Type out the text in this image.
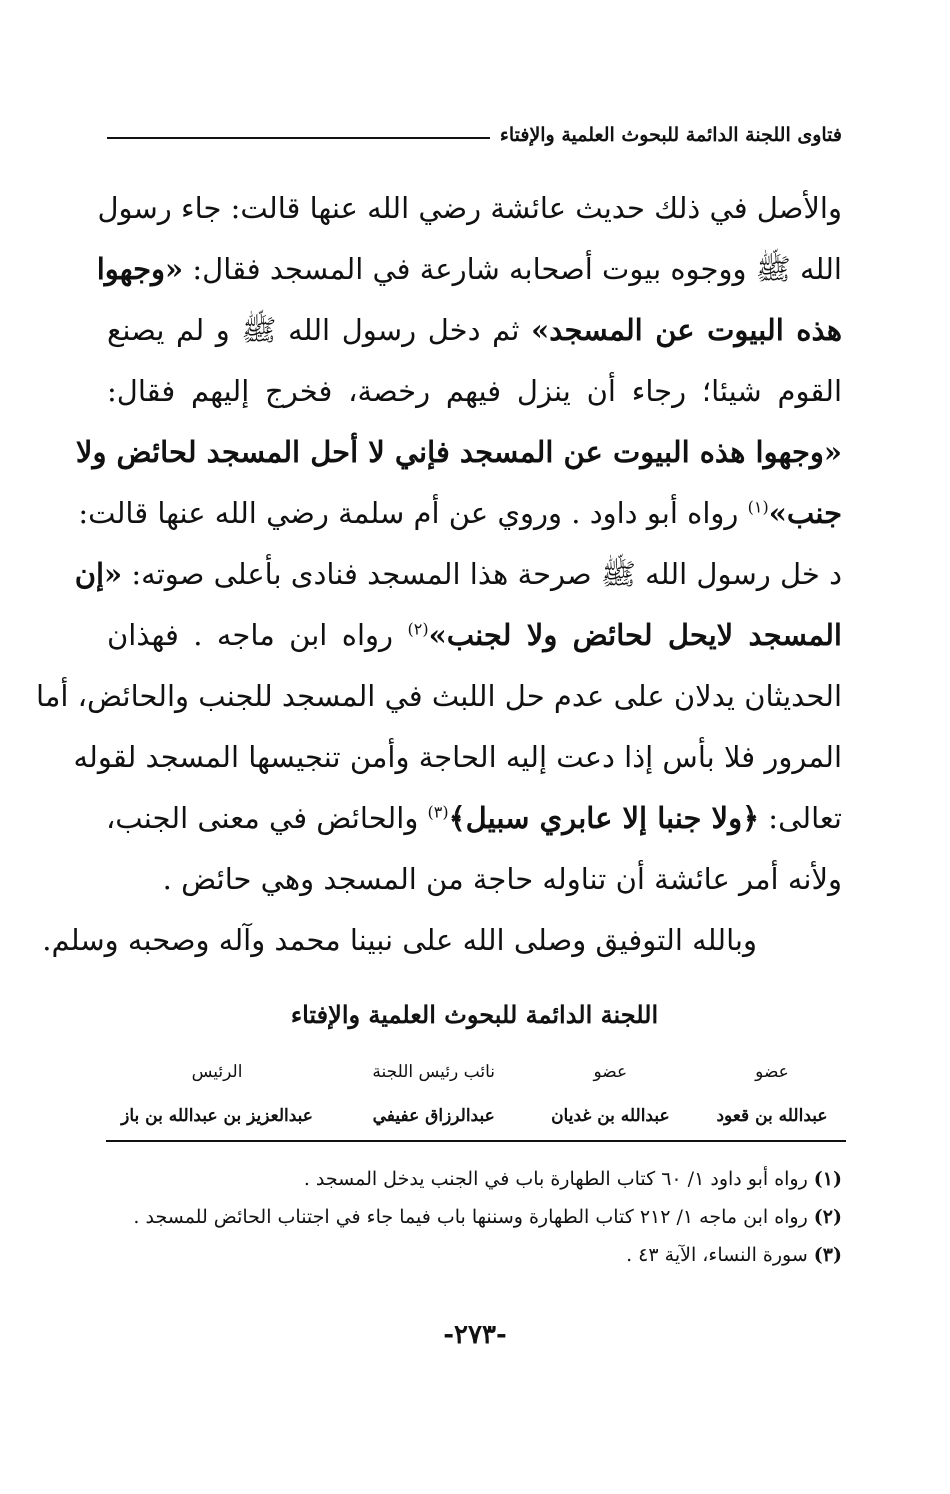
فتاوى اللجنة الدائمة للبحوث العلمية والإفتاء
والأصل في ذلك حديث عائشة رضي الله عنها قالت: جاء رسول
الله ﷺ ووجوه بيوت أصحابه شارعة في المسجد فقال: «وجهوا
هذه البيوت عن المسجد» ثم دخل رسول الله ﷺ و لم يصنع
القوم شيئا؛ رجاء أن ينزل فيهم رخصة، فخرج إليهم فقال:
«وجهوا هذه البيوت عن المسجد فإني لا أحل المسجد لحائض ولا
جنب»$^{(١)}$ رواه أبو داود . وروي عن أم سلمة رضي الله عنها قالت:
د خل رسول الله ﷺ صرحة هذا المسجد فنادى بأعلى صوته: «إن
المسجد لايحل لحائض ولا لجنب»$^{(٢)}$ رواه ابن ماجه . فهذان
الحديثان يدلان على عدم حل اللبث في المسجد للجنب والحائض، أما
المرور فلا بأس إذا دعت إليه الحاجة وأمن تنجيسها المسجد لقوله
تعالى: ﴿ولا جنبا إلا عابري سبيل﴾$^{(٣)}$ والحائض في معنى الجنب،
ولأنه أمر عائشة أن تناوله حاجة من المسجد وهي حائض .
وبالله التوفيق وصلى الله على نبينا محمد وآله وصحبه وسلم.
اللجنة الدائمة للبحوث العلمية والإفتاء
عضو
عضو
نائب رئيس اللجنة
الرئيس
عبدالله بن قعود
عبدالله بن غديان
عبدالرزاق عفيفي
عبدالعزيز بن عبدالله بن باز
(١)رواه أبو داود ١/ ٦٠ كتاب الطهارة باب في الجنب يدخل المسجد .
(٢)رواه ابن ماجه ١/ ٢١٢ كتاب الطهارة وسننها باب فيما جاء في اجتناب الحائض للمسجد .
(٣)سورة النساء، الآية ٤٣ .
-٢٧٣-
